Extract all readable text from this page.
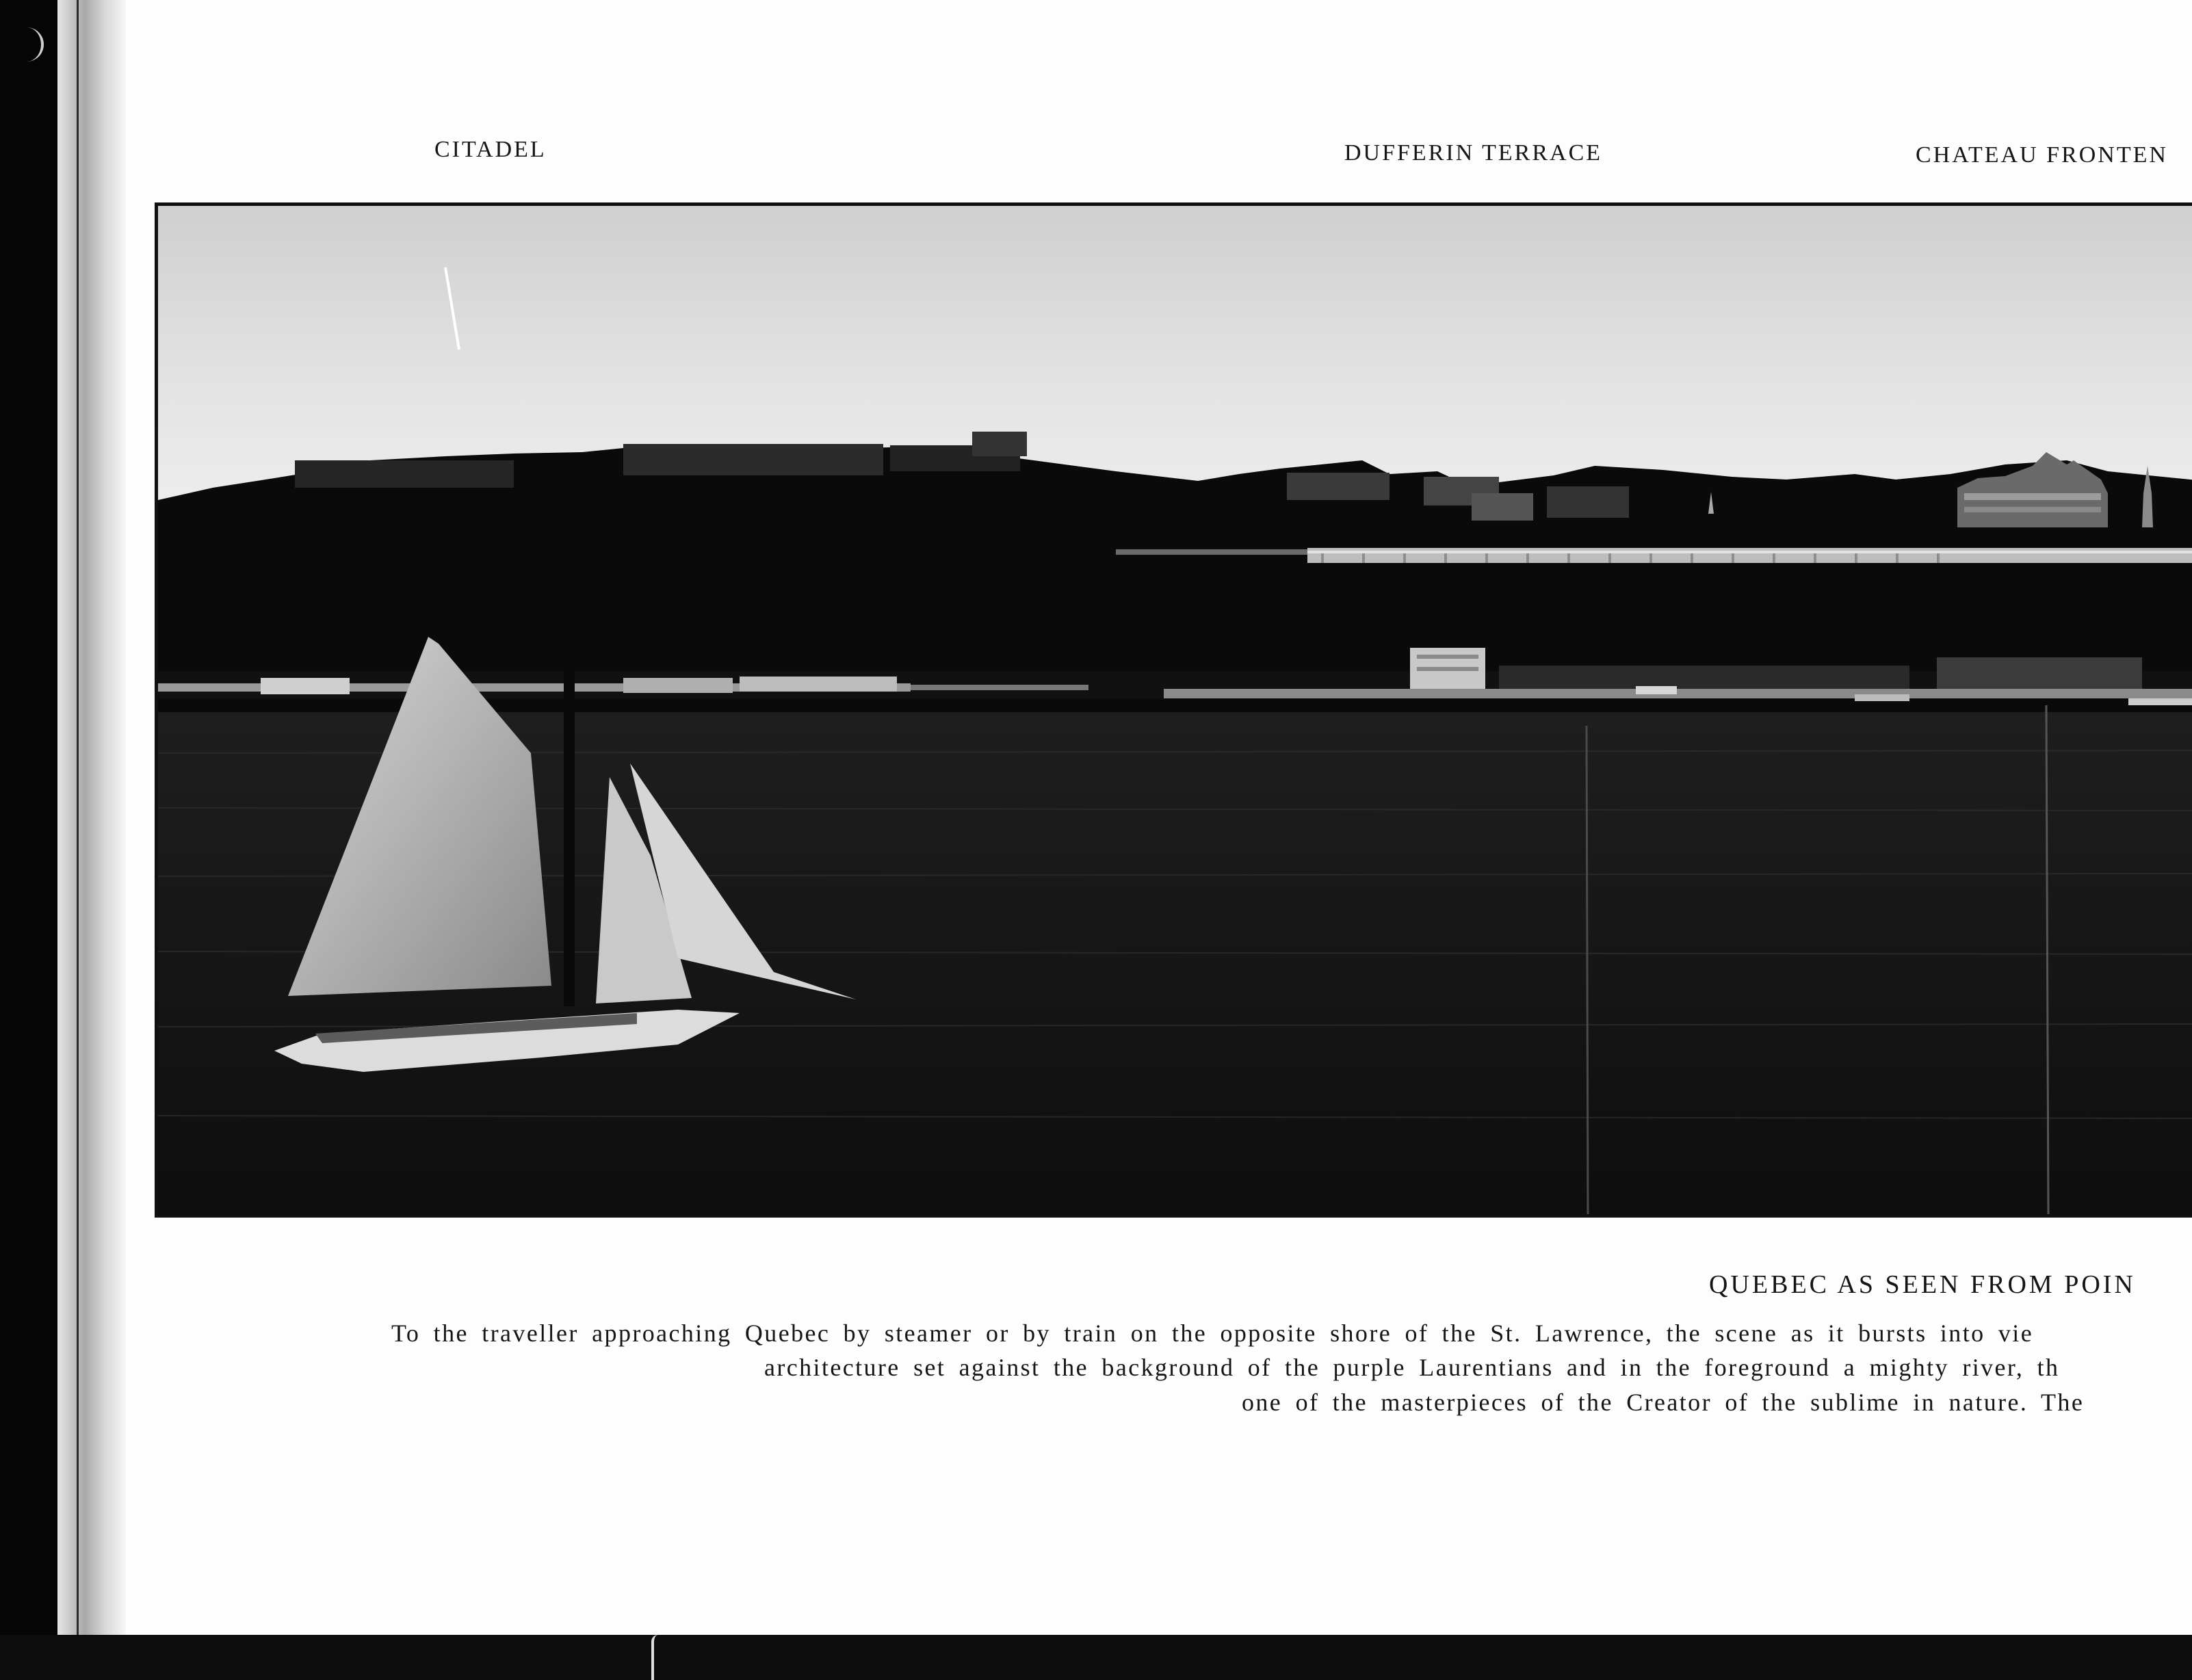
CITADEL	DUFFERIN TERRACE	CHATEAU FRONTEN
QUEBEC AS SEEN FROM POIN
To the traveller approaching Quebec by steamer or by train on the opposite shore of the St. Lawrence, the scene as it bursts into vie
architecture set against the background of the purple Laurentians and in the foreground a mighty river, th
one of the masterpieces of the Creator of the sublime in nature. The
